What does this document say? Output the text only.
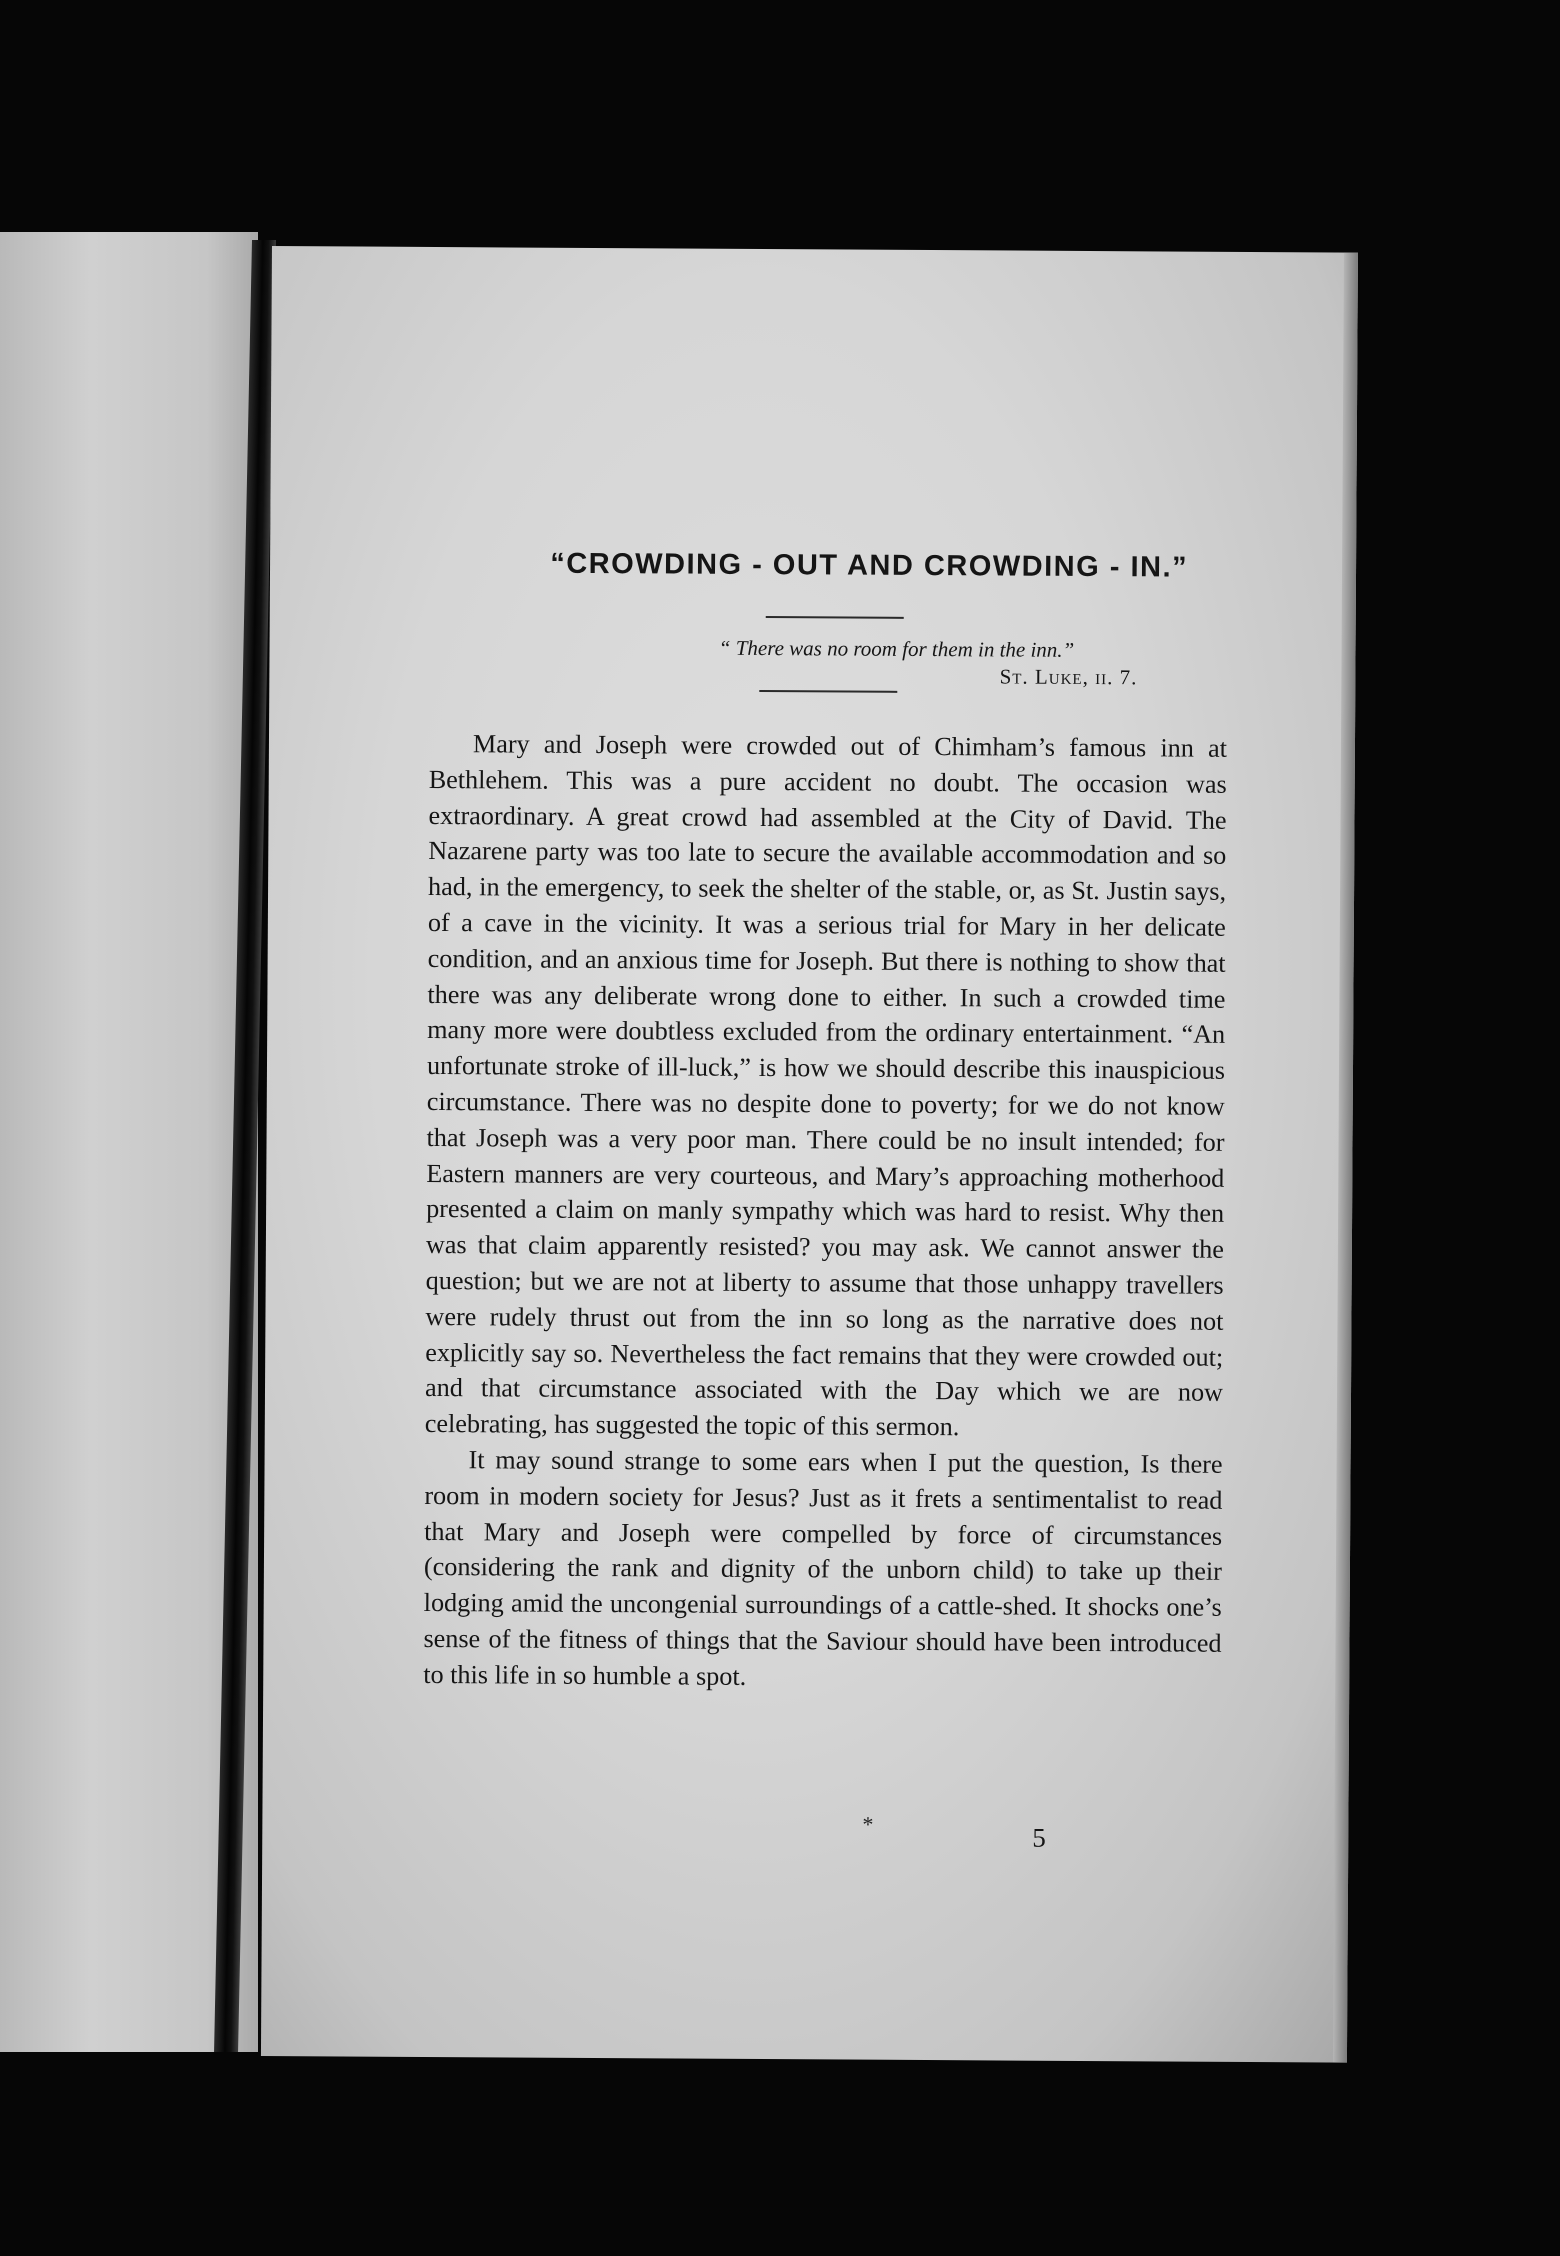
“CROWDING - OUT AND CROWDING - IN.”
“ There was no room for them in the inn.”
St. Luke, ii. 7.

Mary and Joseph were crowded out of Chimham’s famous inn at Bethlehem. This was a pure accident no doubt. The occasion was extraordinary. A great crowd had assembled at the City of David. The Nazarene party was too late to secure the available accommodation and so had, in the emergency, to seek the shelter of the stable, or, as St. Justin says, of a cave in the vicinity. It was a serious trial for Mary in her delicate condition, and an anxious time for Joseph. But there is nothing to show that there was any deliberate wrong done to either. In such a crowded time many more were doubtless excluded from the ordinary entertainment. “An unfortunate stroke of ill-luck,” is how we should describe this inauspicious circumstance. There was no despite done to poverty; for we do not know that Joseph was a very poor man. There could be no insult intended; for Eastern manners are very courteous, and Mary’s approaching motherhood presented a claim on manly sympathy which was hard to resist. Why then was that claim apparently resisted? you may ask. We cannot answer the question; but we are not at liberty to assume that those unhappy travellers were rudely thrust out from the inn so long as the narrative does not explicitly say so. Nevertheless the fact remains that they were crowded out; and that circumstance associated with the Day which we are now celebrating, has suggested the topic of this sermon.

It may sound strange to some ears when I put the question, Is there room in modern society for Jesus? Just as it frets a sentimentalist to read that Mary and Joseph were compelled by force of circumstances (considering the rank and dignity of the unborn child) to take up their lodging amid the uncongenial surroundings of a cattle-shed. It shocks one’s sense of the fitness of things that the Saviour should have been introduced to this life in so humble a spot.

*	5
